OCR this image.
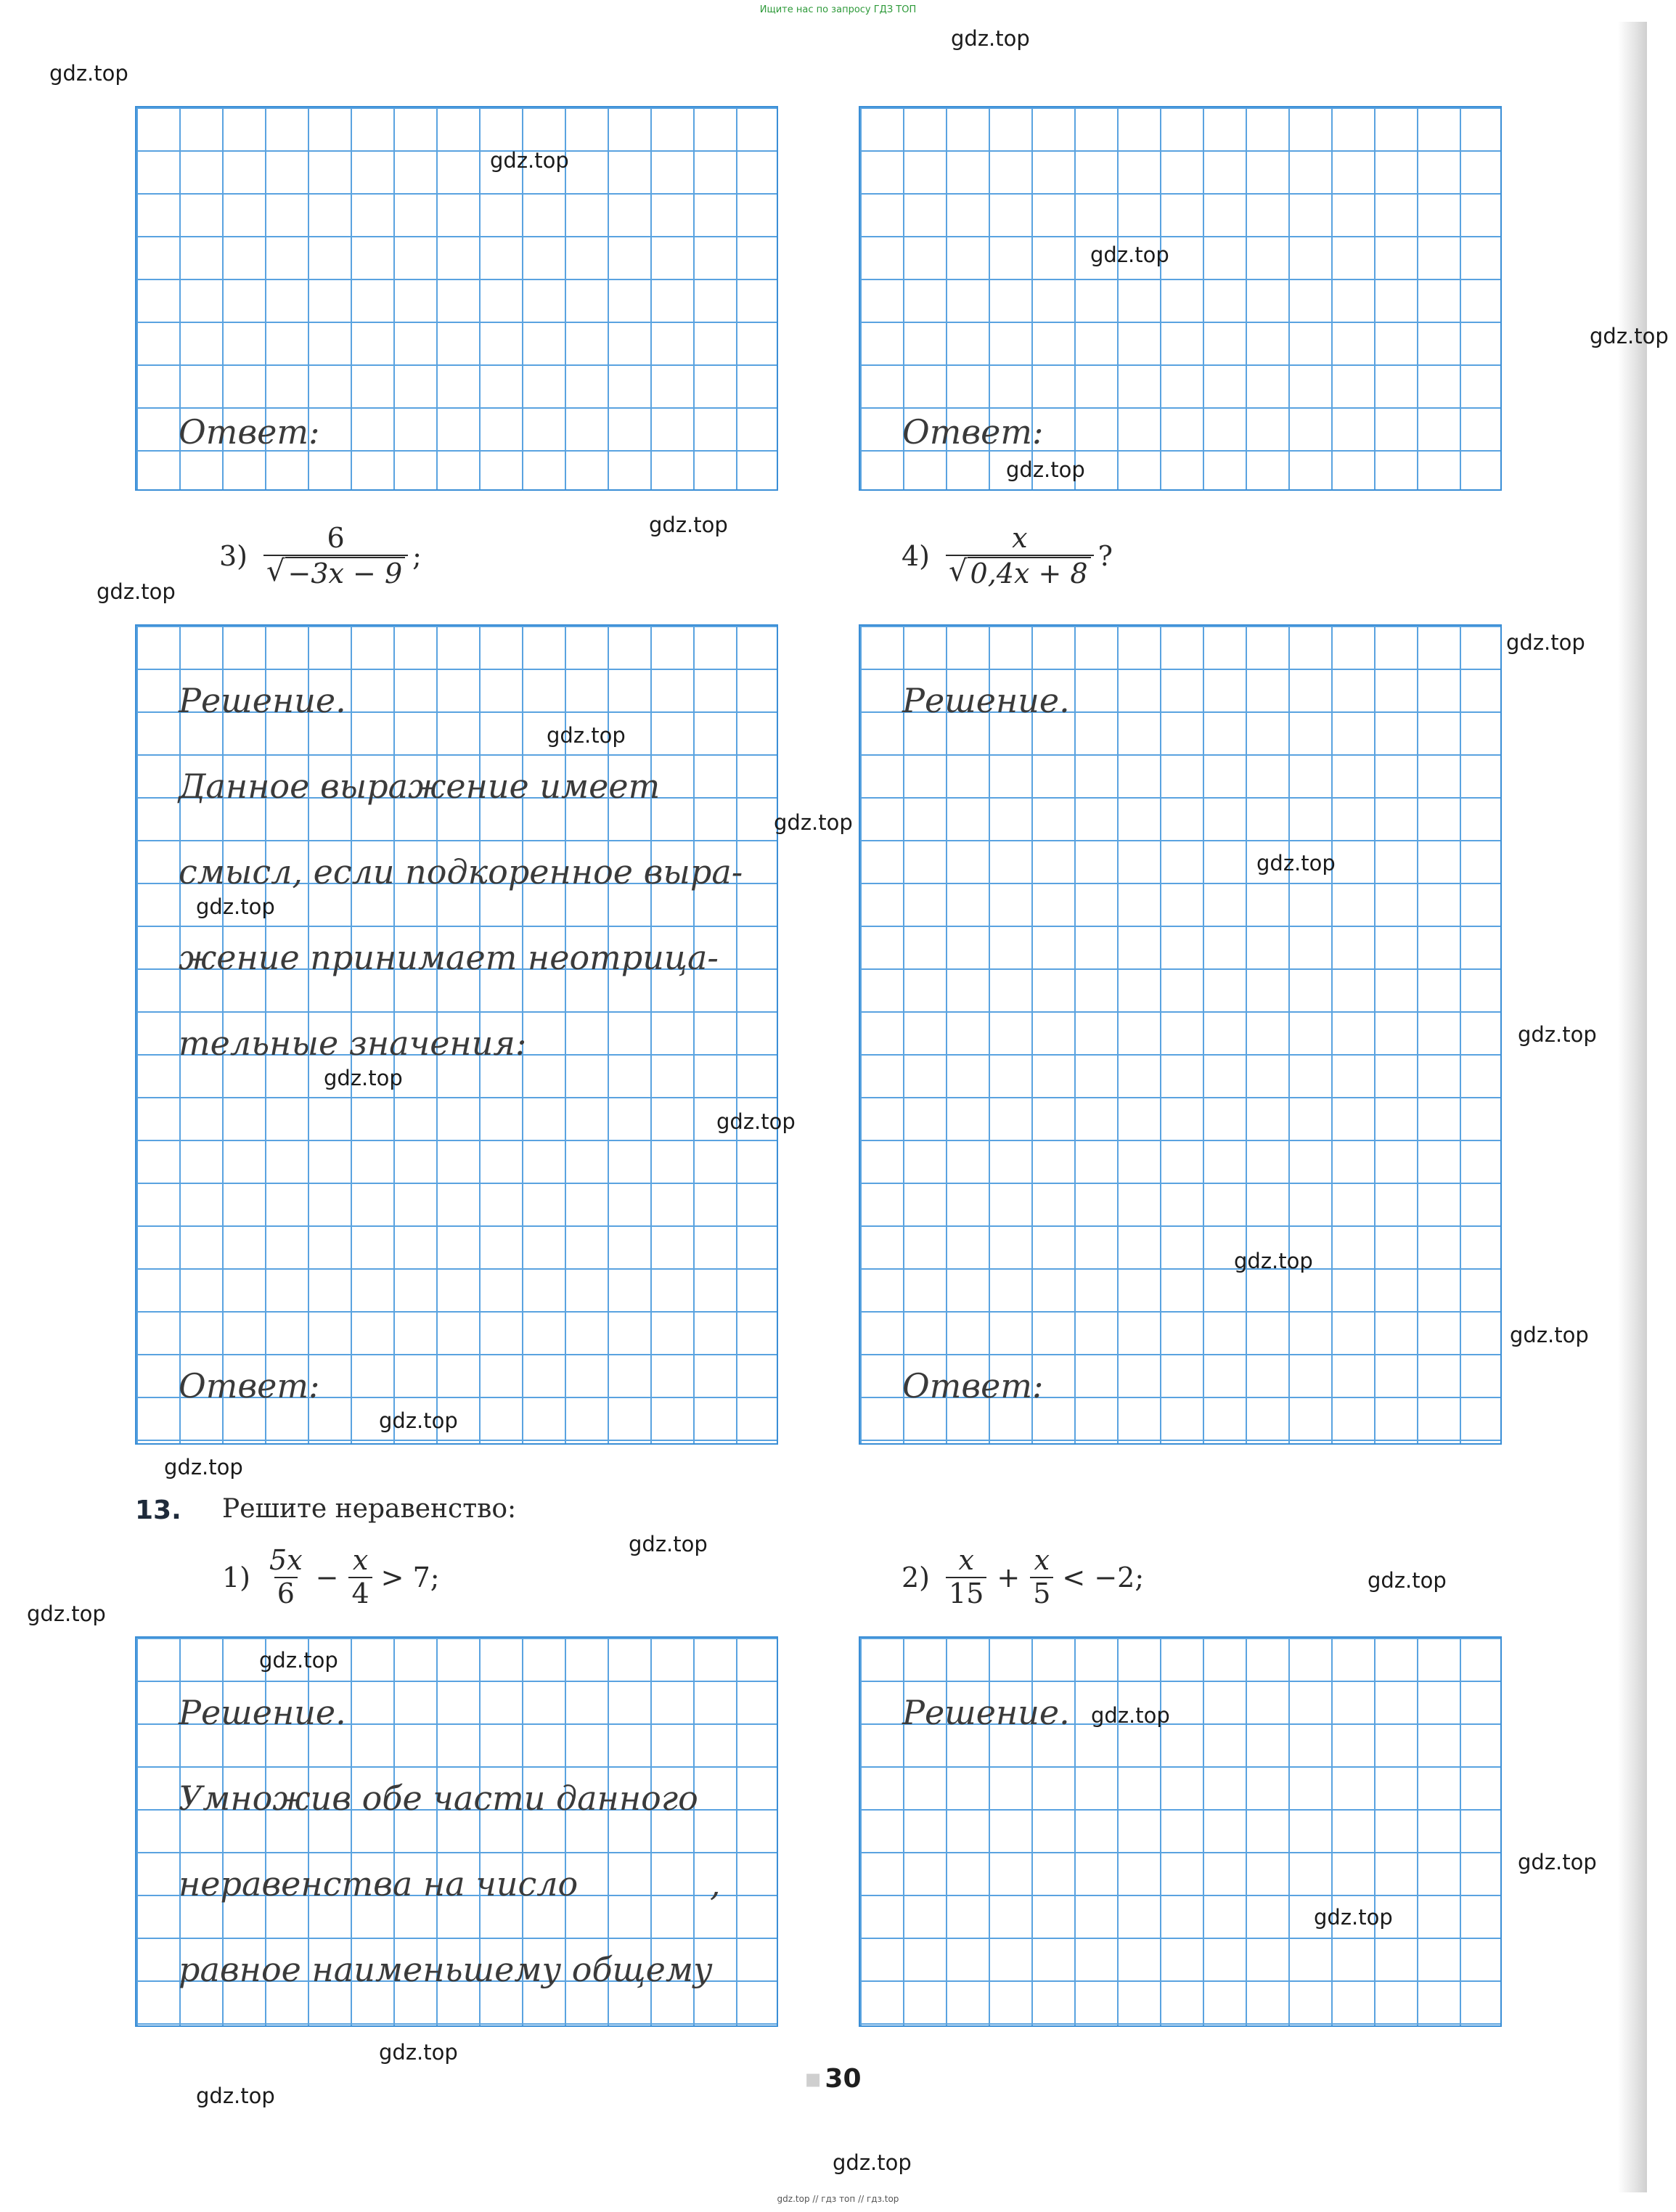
Ищите нас по запросу ГДЗ ТОП

Ответ:	Ответ:

$3) \frac{6}{√ -3x - 9}$ ;	$4) \frac{x}{√ 0,4x + 8}$ ?

Решение.

Данное выражение имеет

смысл, если подкоренное выра-

жение принимает неотрица-

тельные значения:

Ответ:

Решение.

Ответ:

13. Решите неравенство:
$1) \frac{5x}{6} - \frac{x}{4} > 7$;	$2) \frac{x}{15} + \frac{x}{5} < -2$;

Решение.

Умножив обе части данного

неравенства на число	,

равное наименьшему общему

Решение.

▪ 30
gdz.top // гдз топ // гдз.top
gdz.top
gdz.top
gdz.top
gdz.top
gdz.top
gdz.top
gdz.top
gdz.top
gdz.top
gdz.top
gdz.top
gdz.top
gdz.top
gdz.top
gdz.top
gdz.top
gdz.top
gdz.top
gdz.top
gdz.top
gdz.top
gdz.top
gdz.top
gdz.top
gdz.top
gdz.top
gdz.top
gdz.top
gdz.top
gdz.top
